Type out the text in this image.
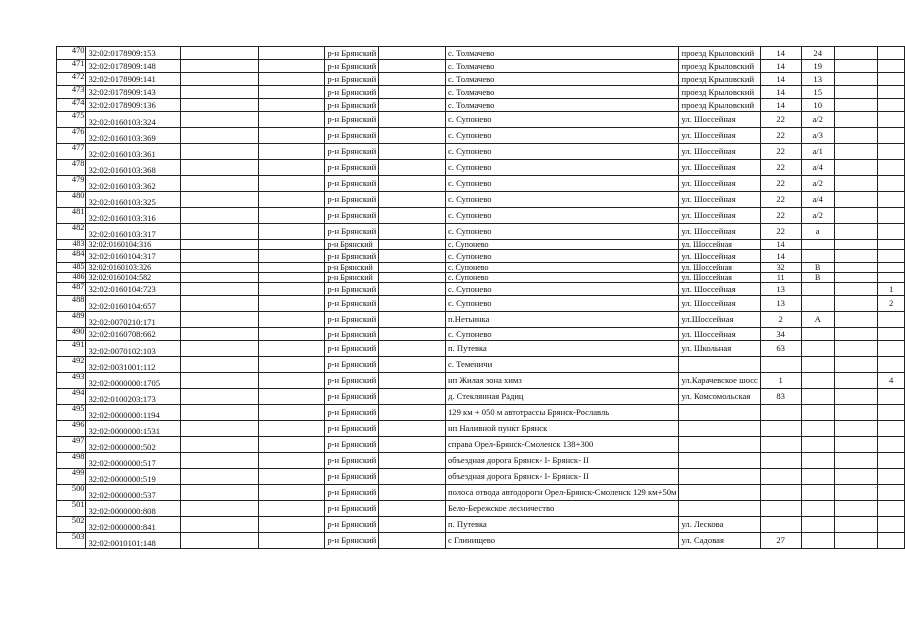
470	32:02:0178909:153			р-н Брянский		с. Толмачево	проезд Крыловский	14	24		
471	32:02:0178909:148			р-н Брянский		с. Толмачево	проезд Крыловский	14	19		
472	32:02:0178909:141			р-н Брянский		с. Толмачево	проезд Крыловский	14	13		
473	32:02:0178909:143			р-н Брянский		с. Толмачево	проезд Крыловский	14	15		
474	32:02:0178909:136			р-н Брянский		с. Толмачево	проезд Крыловский	14	10		
475	32:02:0160103:324			р-н Брянский		с. Супонево	ул. Шоссейная	22	а/2		
476	32:02:0160103:369			р-н Брянский		с. Супонево	ул. Шоссейная	22	а/3		
477	32:02:0160103:361			р-н Брянский		с. Супонево	ул. Шоссейная	22	а/1		
478	32:02:0160103:368			р-н Брянский		с. Супонево	ул. Шоссейная	22	а/4		
479	32:02:0160103:362			р-н Брянский		с. Супонево	ул. Шоссейная	22	а/2		
480	32:02:0160103:325			р-н Брянский		с. Супонево	ул. Шоссейная	22	а/4		
481	32:02:0160103:316			р-н Брянский		с. Супонево	ул. Шоссейная	22	а/2		
482	32:02:0160103:317			р-н Брянский		с. Супонево	ул. Шоссейная	22	а		
483	32:02:0160104:316			р-н Брянский		с. Супонево	ул. Шоссейная	14			
484	32:02:0160104:317			р-н Брянский		с. Супонево	ул. Шоссейная	14			
485	32:02:0160103:326			р-н Брянский		с. Супонево	ул. Шоссейная	32	В		
486	32:02:0160104:582			р-н Брянский		с. Супонево	ул. Шоссейная	11	В		
487	32:02:0160104:723			р-н Брянский		с. Супонево	ул. Шоссейная	13			1
488	32:02:0160104:657			р-н Брянский		с. Супонево	ул. Шоссейная	13			2
489	32:02:0070210:171			р-н Брянский		п.Нетьинка	ул.Шоссейная	2	А		
490	32:02:0160708:662			р-н Брянский		с. Супонево	ул. Шоссейная	34			
491	32:02:0070102:103			р-н Брянский		п. Путевка	ул. Школьная	63			
492	32:02:0031001:112			р-н Брянский		с. Теменичи					
493	32:02:0000000:1705			р-н Брянский		нп Жилая зона химз	ул.Карачевское шосс	1			4
494	32:02:0100203:173			р-н Брянский		д. Стеклянная Радиц	ул. Комсомольская	83			
495	32:02:0000000:1194			р-н Брянский		129 км + 050 м автотрассы Брянск-Рославль					
496	32:02:0000000:1531			р-н Брянский		нп Наливной пункт Брянск					
497	32:02:0000000:502			р-н Брянский		справа Орел-Брянск-Смоленск 138+300					
498	32:02:0000000:517			р-н Брянский		объездная дорога Брянск- I- Брянск- II					
499	32:02:0000000:519			р-н Брянский		объездная дорога Брянск- I- Брянск- II					
500	32:02:0000000:537			р-н Брянский		полоса отвода автодороги Орел-Брянск-Смоленск 129 км+50м					
501	32:02:0000000:808			р-н Брянский		Бело-Бережское лесничество					
502	32:02:0000000:841			р-н Брянский		п. Путевка	ул. Лескова				
503	32:02:0010101:148			р-н Брянский		с Глинищево	ул. Садовая	27			
